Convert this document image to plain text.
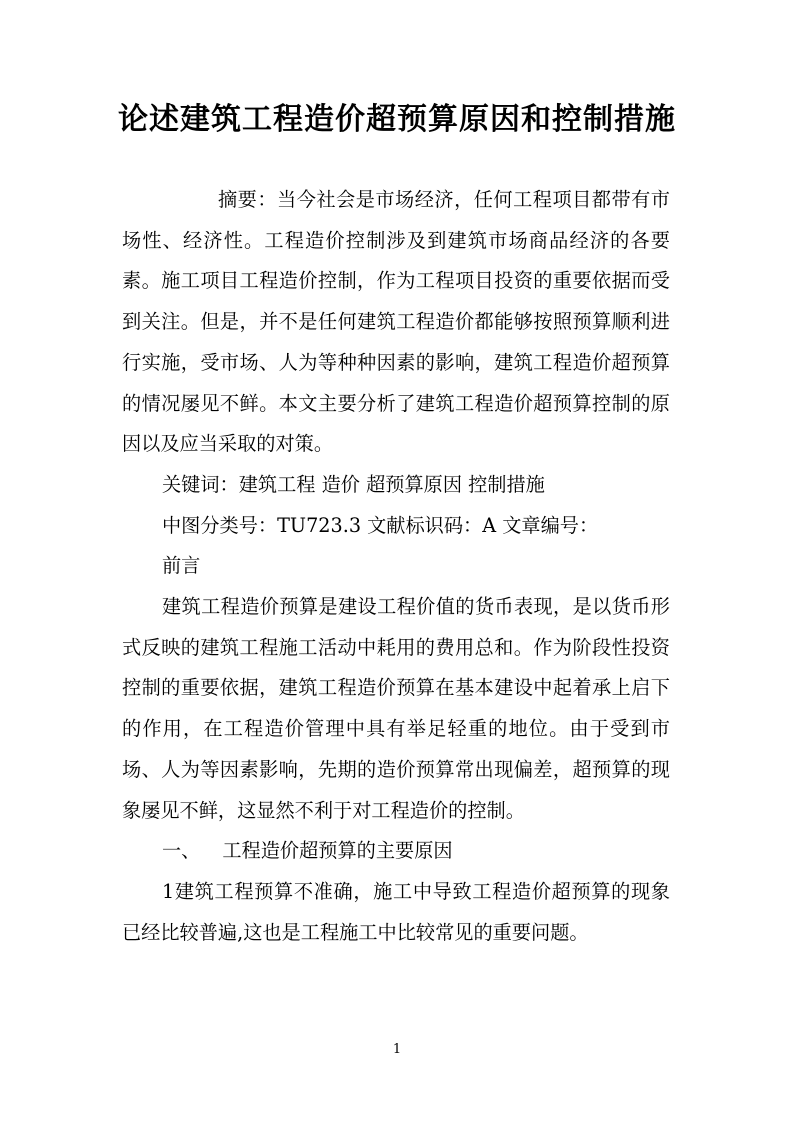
论述建筑工程造价超预算原因和控制措施

摘要：当今社会是市场经济，任何工程项目都带有市场性、经济性。工程造价控制涉及到建筑市场商品经济的各要素。施工项目工程造价控制，作为工程项目投资的重要依据而受到关注。但是，并不是任何建筑工程造价都能够按照预算顺利进行实施，受市场、人为等种种因素的影响，建筑工程造价超预算的情况屡见不鲜。本文主要分析了建筑工程造价超预算控制的原因以及应当采取的对策。

关键词：建筑工程 造价 超预算原因 控制措施

中图分类号：TU723.3 文献标识码：A 文章编号：

前言

建筑工程造价预算是建设工程价值的货币表现，是以货币形式反映的建筑工程施工活动中耗用的费用总和。作为阶段性投资控制的重要依据，建筑工程造价预算在基本建设中起着承上启下的作用，在工程造价管理中具有举足轻重的地位。由于受到市场、人为等因素影响，先期的造价预算常出现偏差，超预算的现象屡见不鲜，这显然不利于对工程造价的控制。

一、 工程造价超预算的主要原因

1建筑工程预算不准确，施工中导致工程造价超预算的现象已经比较普遍,这也是工程施工中比较常见的重要问题。

1
